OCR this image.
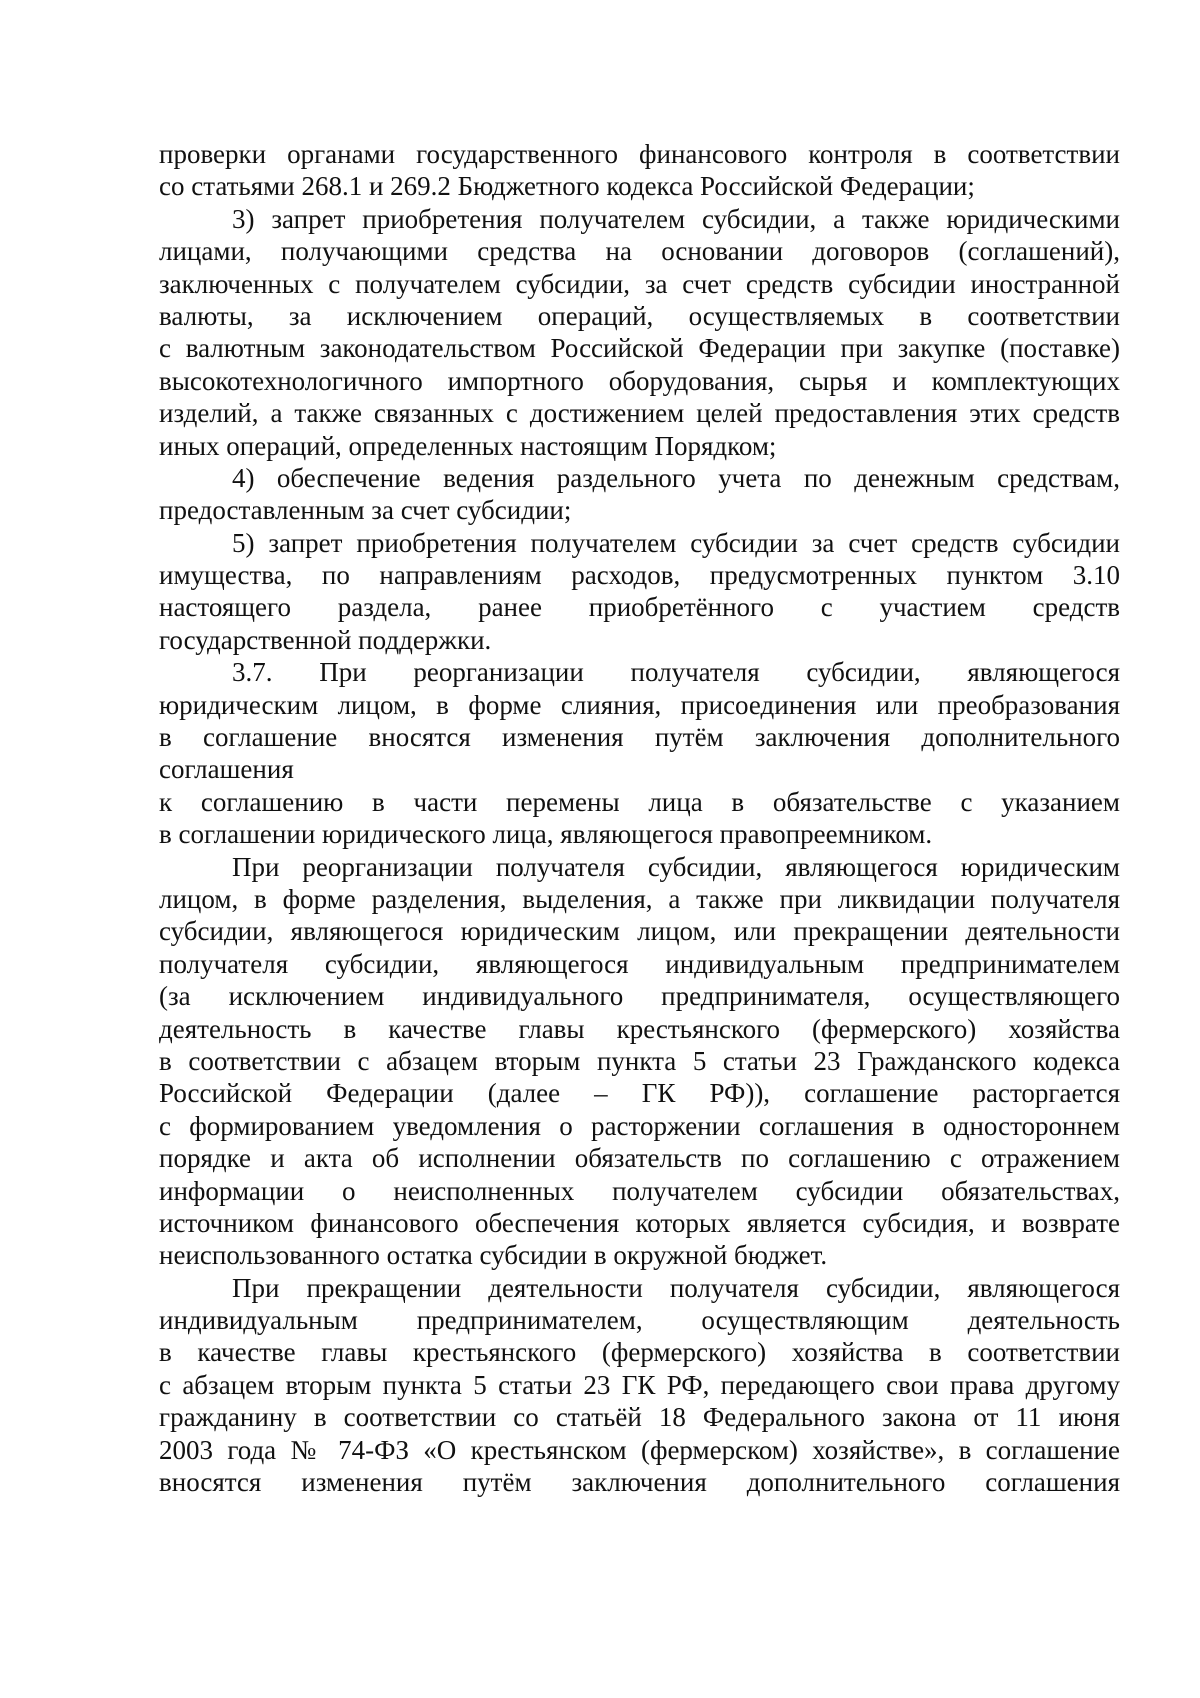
проверки органами государственного финансового контроля в соответствии
со статьями 268.1 и 269.2 Бюджетного кодекса Российской Федерации;
3) запрет приобретения получателем субсидии, а также юридическими
лицами, получающими средства на основании договоров (соглашений),
заключенных с получателем субсидии, за счет средств субсидии иностранной
валюты, за исключением операций, осуществляемых в соответствии
с валютным законодательством Российской Федерации при закупке (поставке)
высокотехнологичного импортного оборудования, сырья и комплектующих
изделий, а также связанных с достижением целей предоставления этих средств
иных операций, определенных настоящим Порядком;
4) обеспечение ведения раздельного учета по денежным средствам,
предоставленным за счет субсидии;
5) запрет приобретения получателем субсидии за счет средств субсидии
имущества, по направлениям расходов, предусмотренных пунктом 3.10
настоящего раздела, ранее приобретённого с участием средств
государственной поддержки.
3.7. При реорганизации получателя субсидии, являющегося
юридическим лицом, в форме слияния, присоединения или преобразования
в соглашение вносятся изменения путём заключения дополнительного
соглашения
к соглашению в части перемены лица в обязательстве с указанием
в соглашении юридического лица, являющегося правопреемником.
При реорганизации получателя субсидии, являющегося юридическим
лицом, в форме разделения, выделения, а также при ликвидации получателя
субсидии, являющегося юридическим лицом, или прекращении деятельности
получателя субсидии, являющегося индивидуальным предпринимателем
(за исключением индивидуального предпринимателя, осуществляющего
деятельность в качестве главы крестьянского (фермерского) хозяйства
в соответствии с абзацем вторым пункта 5 статьи 23 Гражданского кодекса
Российской Федерации (далее – ГК РФ)), соглашение расторгается
с формированием уведомления о расторжении соглашения в одностороннем
порядке и акта об исполнении обязательств по соглашению с отражением
информации о неисполненных получателем субсидии обязательствах,
источником финансового обеспечения которых является субсидия, и возврате
неиспользованного остатка субсидии в окружной бюджет.
При прекращении деятельности получателя субсидии, являющегося
индивидуальным предпринимателем, осуществляющим деятельность
в качестве главы крестьянского (фермерского) хозяйства в соответствии
с абзацем вторым пункта 5 статьи 23 ГК РФ, передающего свои права другому
гражданину в соответствии со статьёй 18 Федерального закона от 11 июня
2003 года № 74-ФЗ «О крестьянском (фермерском) хозяйстве», в соглашение
вносятся изменения путём заключения дополнительного соглашения
